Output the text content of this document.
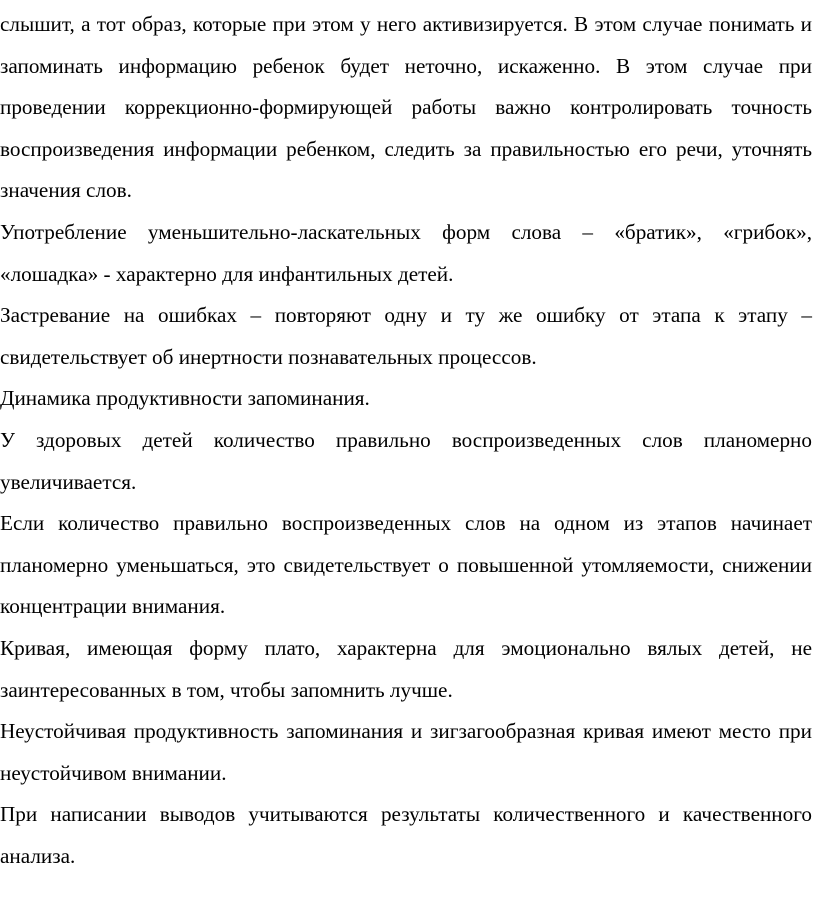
слышит, а тот образ, которые при этом у него активизируется. В этом случае понимать и запоминать информацию ребенок будет неточно, искаженно. В этом случае при проведении коррекционно-формирующей работы важно контролировать точность воспроизведения информации ребенком, следить за правильностью его речи, уточнять значения слов.

Употребление уменьшительно-ласкательных форм слова – «братик», «грибок», «лошадка» - характерно для инфантильных детей.

Застревание на ошибках – повторяют одну и ту же ошибку от этапа к этапу – свидетельствует об инертности познавательных процессов.

Динамика продуктивности запоминания.

У здоровых детей количество правильно воспроизведенных слов планомерно увеличивается.

Если количество правильно воспроизведенных слов на одном из этапов начинает планомерно уменьшаться, это свидетельствует о повышенной утомляемости, снижении концентрации внимания.

Кривая, имеющая форму плато, характерна для эмоционально вялых детей, не заинтересованных в том, чтобы запомнить лучше.

Неустойчивая продуктивность запоминания и зигзагообразная кривая имеют место при неустойчивом внимании.

При написании выводов учитываются результаты количественного и качественного анализа.
